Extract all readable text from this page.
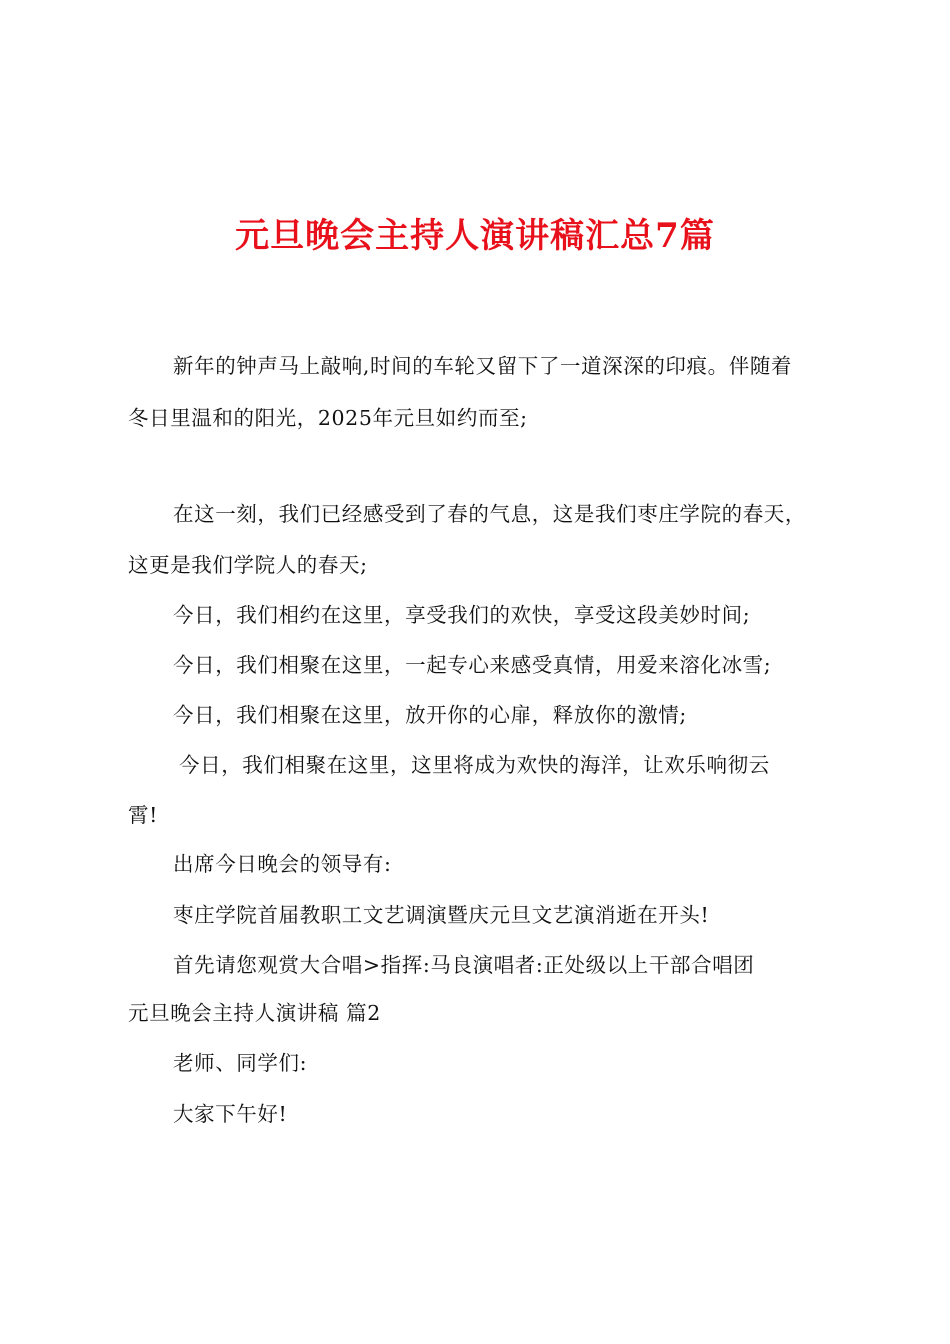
元旦晚会主持人演讲稿汇总7篇
新年的钟声马上敲响,时间的车轮又留下了一道深深的印痕。伴随着
冬日里温和的阳光，2025年元旦如约而至;
在这一刻，我们已经感受到了春的气息，这是我们枣庄学院的春天，
这更是我们学院人的春天;
今日，我们相约在这里，享受我们的欢快，享受这段美妙时间;
今日，我们相聚在这里，一起专心来感受真情，用爱来溶化冰雪;
今日，我们相聚在这里，放开你的心扉，释放你的激情;
今日，我们相聚在这里，这里将成为欢快的海洋，让欢乐响彻云
霄!
出席今日晚会的领导有:
枣庄学院首届教职工文艺调演暨庆元旦文艺演消逝在开头!
首先请您观赏大合唱>指挥:马良演唱者:正处级以上干部合唱团
元旦晚会主持人演讲稿 篇2
老师、同学们:
大家下午好!
